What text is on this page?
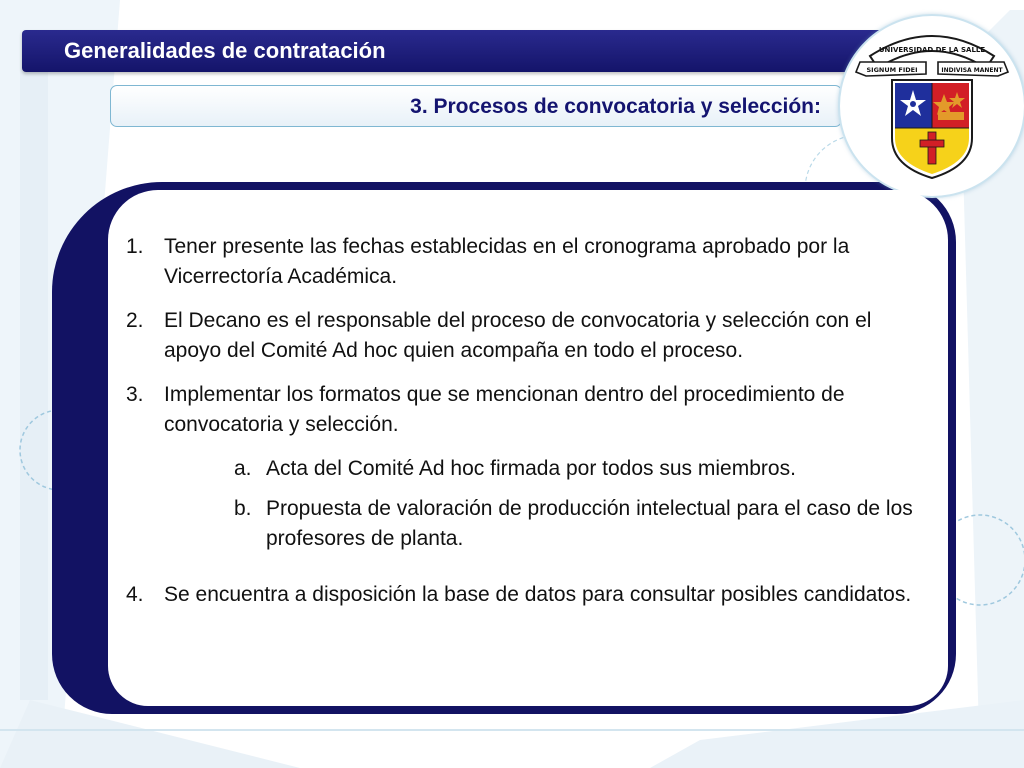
Generalidades de contratación
3. Procesos de convocatoria y selección:
UNIVERSIDAD DE LA SALLE
SIGNUM FIDEI	INDIVISA MANENT
1. Tener presente las fechas establecidas en el cronograma aprobado por la Vicerrectoría Académica.
2. El Decano es el responsable del proceso de convocatoria y selección con el apoyo del Comité Ad hoc quien acompaña en todo el proceso.
3. Implementar los formatos que se mencionan dentro del procedimiento de convocatoria y selección.
a. Acta del Comité Ad hoc firmada por todos sus miembros.
b. Propuesta de valoración de producción intelectual para el caso de los profesores de planta.
4. Se encuentra a disposición la base de datos para consultar posibles candidatos.
